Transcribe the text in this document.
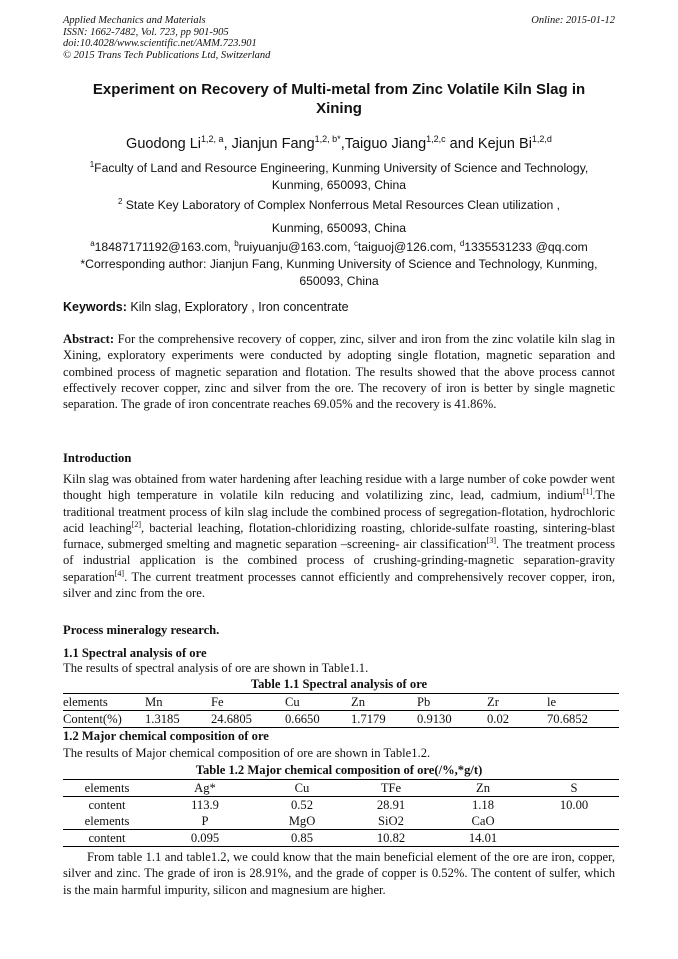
Applied Mechanics and Materials
ISSN: 1662-7482, Vol. 723, pp 901-905
doi:10.4028/www.scientific.net/AMM.723.901
© 2015 Trans Tech Publications Ltd, Switzerland
Online: 2015-01-12
Experiment on Recovery of Multi-metal from Zinc Volatile Kiln Slag in
Xining
Guodong Li$^{1,2, a}$, Jianjun Fang$^{1,2, b*}$,Taiguo Jiang$^{1,2,c}$ and Kejun Bi$^{1,2,d}$
$^1$Faculty of Land and Resource Engineering, Kunming University of Science and Technology,
Kunming, 650093, China
$^2$ State Key Laboratory of Complex Nonferrous Metal Resources Clean utilization ,
Kunming, 650093, China
$^a$18487171192@163.com, $^b$ruiyuanju@163.com, $^c$taiguoj@126.com, $^d$1335531233 @qq.com
*Corresponding author: Jianjun Fang, Kunming University of Science and Technology, Kunming,
650093, China
Keywords: Kiln slag, Exploratory , Iron concentrate
Abstract: For the comprehensive recovery of copper, zinc, silver and iron from the zinc volatile kiln slag in Xining, exploratory experiments were conducted by adopting single flotation, magnetic separation and combined process of magnetic separation and flotation. The results showed that the above process cannot effectively recover copper, zinc and silver from the ore. The recovery of iron is better by single magnetic separation. The grade of iron concentrate reaches 69.05% and the recovery is 41.86%.
Introduction
Kiln slag was obtained from water hardening after leaching residue with a large number of coke powder went thought high temperature in volatile kiln reducing and volatilizing zinc, lead, cadmium, indium[1].The traditional treatment process of kiln slag include the combined process of segregation-flotation, hydrochloric acid leaching[2], bacterial leaching, flotation-chloridizing roasting, chloride-sulfate roasting, sintering-blast furnace, submerged smelting and magnetic separation –screening- air classification[3]. The treatment process of industrial application is the combined process of crushing-grinding-magnetic separation-gravity separation[4]. The current treatment processes cannot efficiently and comprehensively recover copper, iron, silver and zinc from the ore.
Process mineralogy research.
1.1 Spectral analysis of ore
The results of spectral analysis of ore are shown in Table1.1.
Table 1.1 Spectral analysis of ore
elements	Mn	Fe	Cu	Zn	Pb	Zr	le
Content(%)	1.3185	24.6805	0.6650	1.7179	0.9130	0.02	70.6852
1.2 Major chemical composition of ore
The results of Major chemical composition of ore are shown in Table1.2.
Table 1.2 Major chemical composition of ore(/%,*g/t)
elements	Ag*	Cu	TFe	Zn	S
content	113.9	0.52	28.91	1.18	10.00
elements	P	MgO	SiO2	CaO	
content	0.095	0.85	10.82	14.01	
From table 1.1 and table1.2, we could know that the main beneficial element of the ore are iron, copper, silver and zinc. The grade of iron is 28.91%, and the grade of copper is 0.52%. The content of sulfer, which is the main harmful impurity, silicon and magnesium are higher.
